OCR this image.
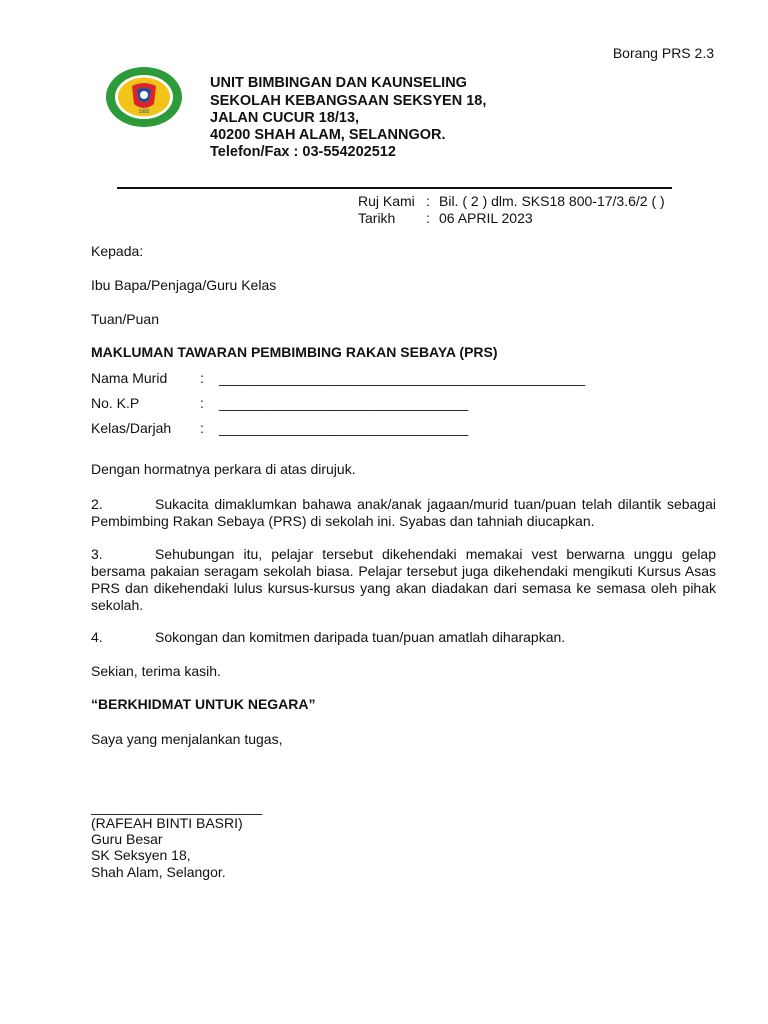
Borang PRS 2.3
1992
UNIT BIMBINGAN DAN KAUNSELING
SEKOLAH KEBANGSAAN SEKSYEN 18,
JALAN CUCUR 18/13,
40200 SHAH ALAM, SELANNGOR.
Telefon/Fax : 03-554202512
Ruj Kami : Bil. ( 2 ) dlm. SKS18 800-17/3.6/2 ( )
Tarikh : 06 APRIL 2023
Kepada:
Ibu Bapa/Penjaga/Guru Kelas
Tuan/Puan
MAKLUMAN TAWARAN PEMBIMBING RAKAN SEBAYA (PRS)
Nama Murid : _______________________________________________
No. K.P	: ________________________________
Kelas/Darjah : ________________________________
Dengan hormatnya perkara di atas dirujuk.
2.	Sukacita dimaklumkan bahawa anak/anak jagaan/murid tuan/puan telah dilantik sebagai Pembimbing Rakan Sebaya (PRS) di sekolah ini. Syabas dan tahniah diucapkan.
3.	Sehubungan itu, pelajar tersebut dikehendaki memakai vest berwarna unggu gelap bersama pakaian seragam sekolah biasa. Pelajar tersebut juga dikehendaki mengikuti Kursus Asas PRS dan dikehendaki lulus kursus-kursus yang akan diadakan dari semasa ke semasa oleh pihak sekolah.
4.	Sokongan dan komitmen daripada tuan/puan amatlah diharapkan.
Sekian, terima kasih.
“BERKHIDMAT UNTUK NEGARA”
Saya yang menjalankan tugas,
______________________
(RAFEAH BINTI BASRI)
Guru Besar
SK Seksyen 18,
Shah Alam, Selangor.
